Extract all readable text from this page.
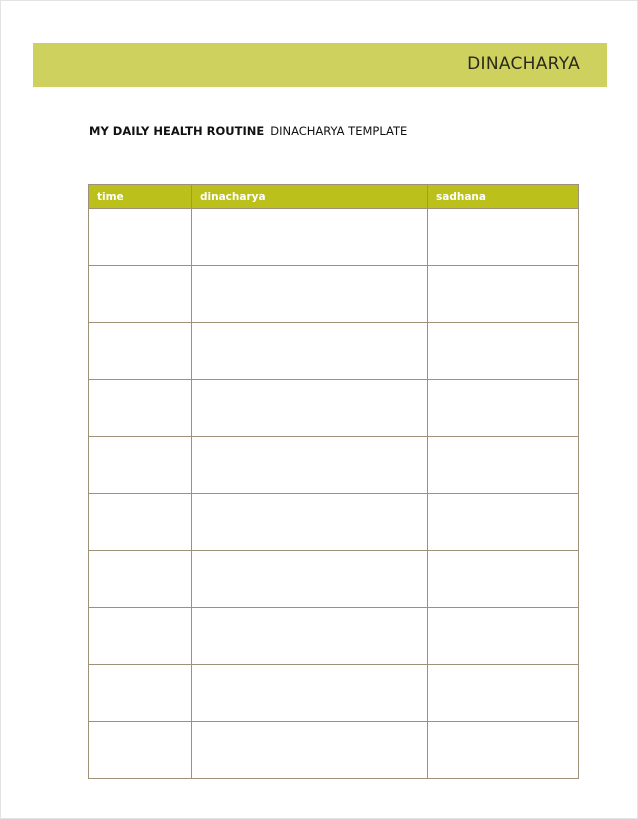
DINACHARYA
MY DAILY HEALTH ROUTINE DINACHARYA TEMPLATE
time	dinacharya	sadhana
